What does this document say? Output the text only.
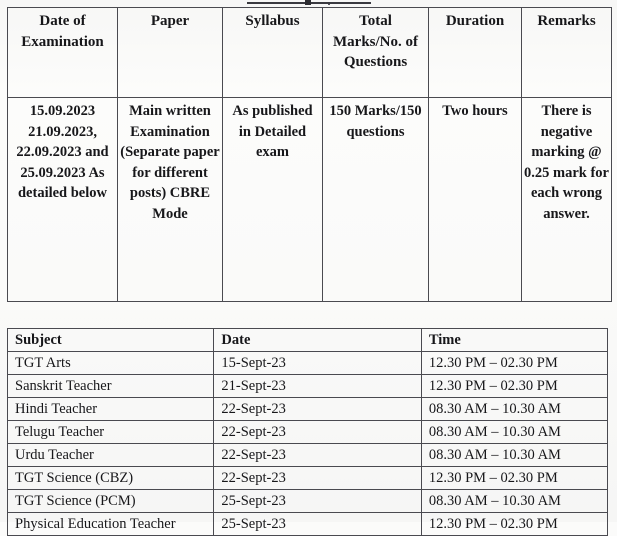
Date of Examination	Paper	Syllabus	Total Marks/No. of Questions	Duration	Remarks
15.09.2023 21.09.2023, 22.09.2023 and 25.09.2023 As detailed below	Main written Examination (Separate paper for different posts) CBRE Mode	As published in Detailed exam	150 Marks/150 questions	Two hours	There is negative marking @ 0.25 mark for each wrong answer.
Subject	Date	Time
TGT Arts	15-Sept-23	12.30 PM – 02.30 PM
Sanskrit Teacher	21-Sept-23	12.30 PM – 02.30 PM
Hindi Teacher	22-Sept-23	08.30 AM – 10.30 AM
Telugu Teacher	22-Sept-23	08.30 AM – 10.30 AM
Urdu Teacher	22-Sept-23	08.30 AM – 10.30 AM
TGT Science (CBZ)	22-Sept-23	12.30 PM – 02.30 PM
TGT Science (PCM)	25-Sept-23	08.30 AM – 10.30 AM
Physical Education Teacher	25-Sept-23	12.30 PM – 02.30 PM
